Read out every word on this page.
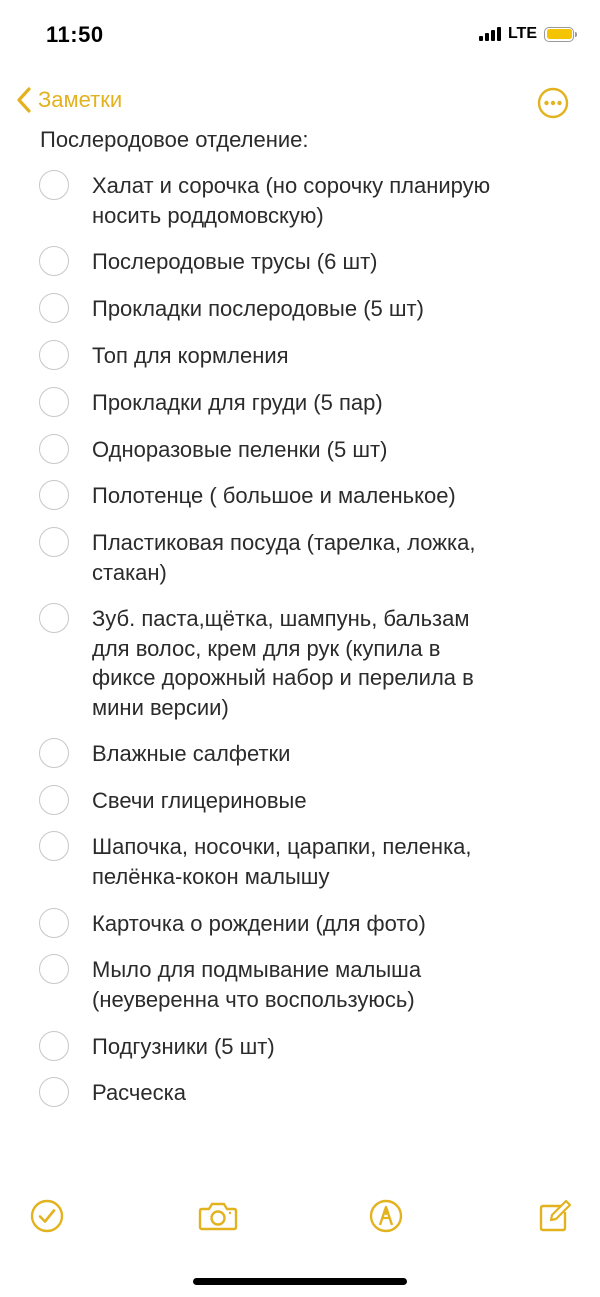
11:50	LTE
Заметки
Послеродовое отделение:
Халат и сорочка (но сорочку планирую
носить роддомовскую)
Послеродовые трусы (6 шт)
Прокладки послеродовые (5 шт)
Топ для кормления
Прокладки для груди (5 пар)
Одноразовые пеленки (5 шт)
Полотенце ( большое и маленькое)
Пластиковая посуда (тарелка, ложка,
стакан)
Зуб. паста,щётка, шампунь, бальзам
для волос, крем для рук (купила в
фиксе дорожный набор и перелила в
мини версии)
Влажные салфетки
Свечи глицериновые
Шапочка, носочки, царапки, пеленка,
пелёнка-кокон малышу
Карточка о рождении (для фото)
Мыло для подмывание малыша
(неуверенна что воспользуюсь)
Подгузники (5 шт)
Расческа
